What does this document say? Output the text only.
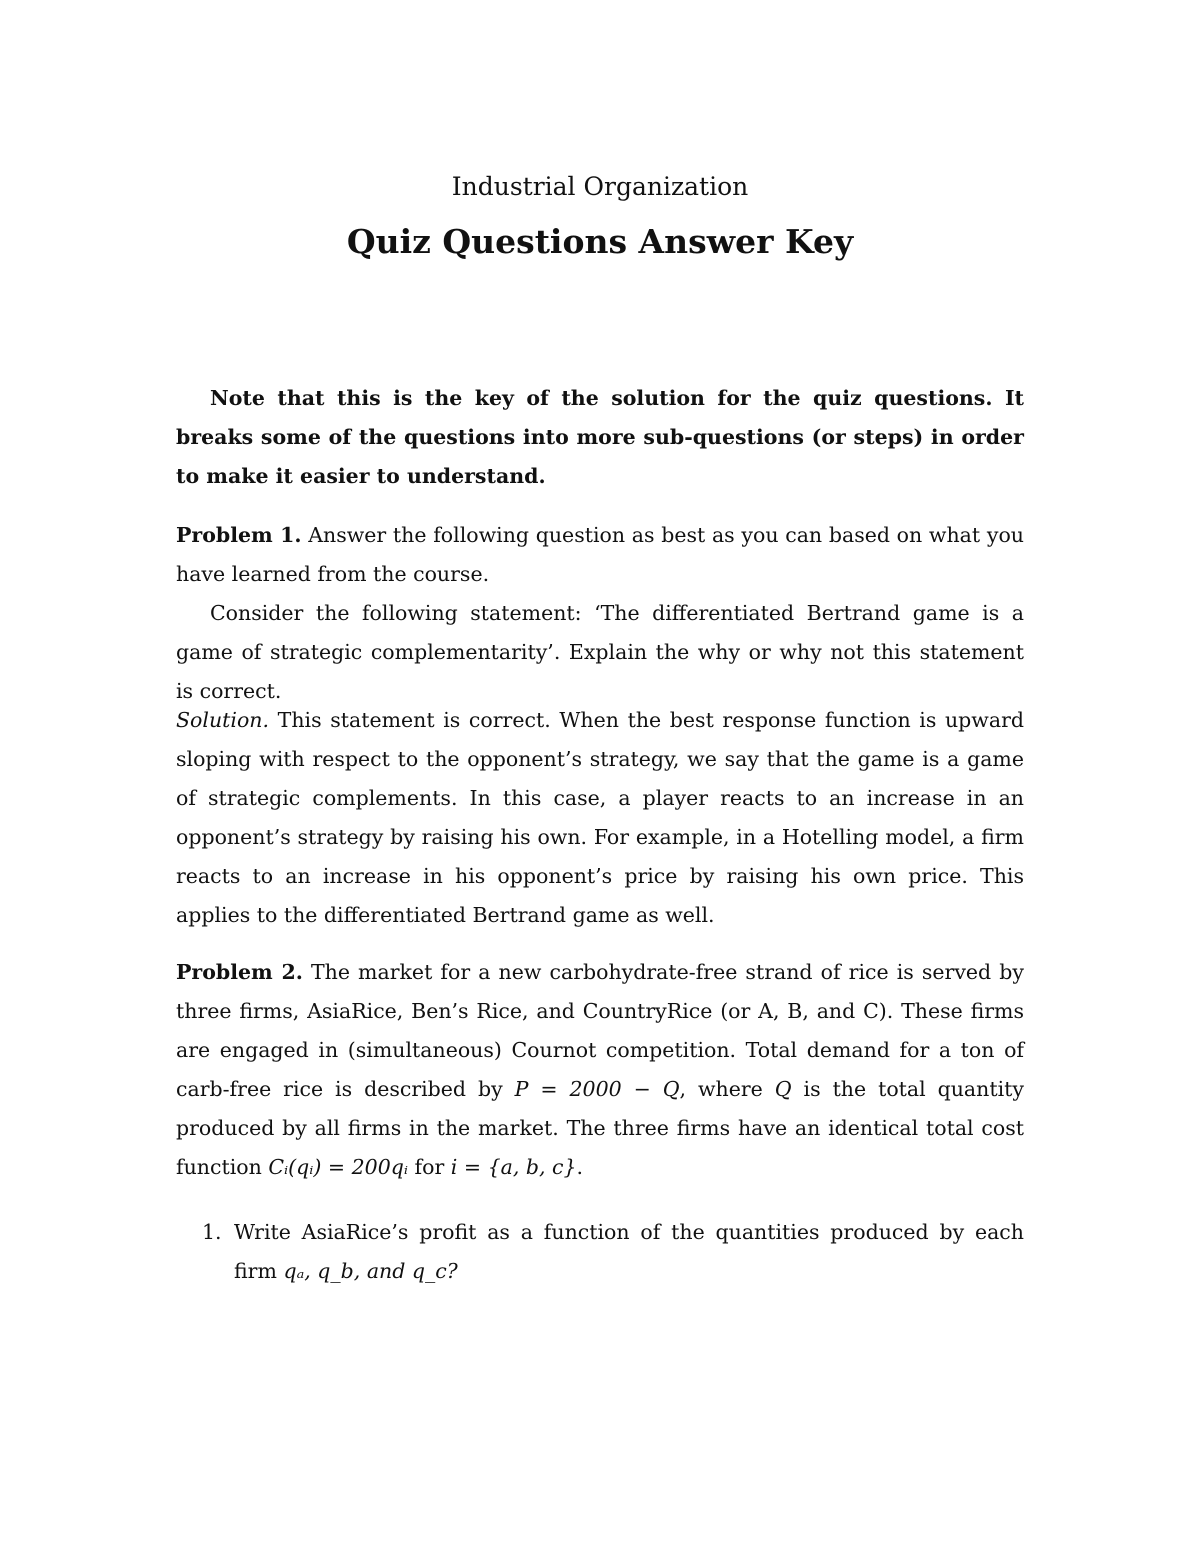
Industrial Organization
Quiz Questions Answer Key

Note that this is the key of the solution for the quiz questions. It breaks some of the questions into more sub-questions (or steps) in order to make it easier to understand.

Problem 1. Answer the following question as best as you can based on what you have learned from the course.

Consider the following statement: ‘The differentiated Bertrand game is a game of strategic complementarity’. Explain the why or why not this statement is correct.

Solution. This statement is correct. When the best response function is upward sloping with respect to the opponent’s strategy, we say that the game is a game of strategic complements. In this case, a player reacts to an increase in an opponent’s strategy by raising his own. For example, in a Hotelling model, a firm reacts to an increase in his opponent’s price by raising his own price. This applies to the differentiated Bertrand game as well.

Problem 2. The market for a new carbohydrate-free strand of rice is served by three firms, AsiaRice, Ben’s Rice, and CountryRice (or A, B, and C). These firms are engaged in (simultaneous) Cournot competition. Total demand for a ton of carb-free rice is described by P = 2000 − Q, where Q is the total quantity produced by all firms in the market. The three firms have an identical total cost function Cᵢ(qᵢ) = 200qᵢ for i = {a, b, c}.

1. Write AsiaRice’s profit as a function of the quantities produced by each firm qₐ, q_b, and q_c?
